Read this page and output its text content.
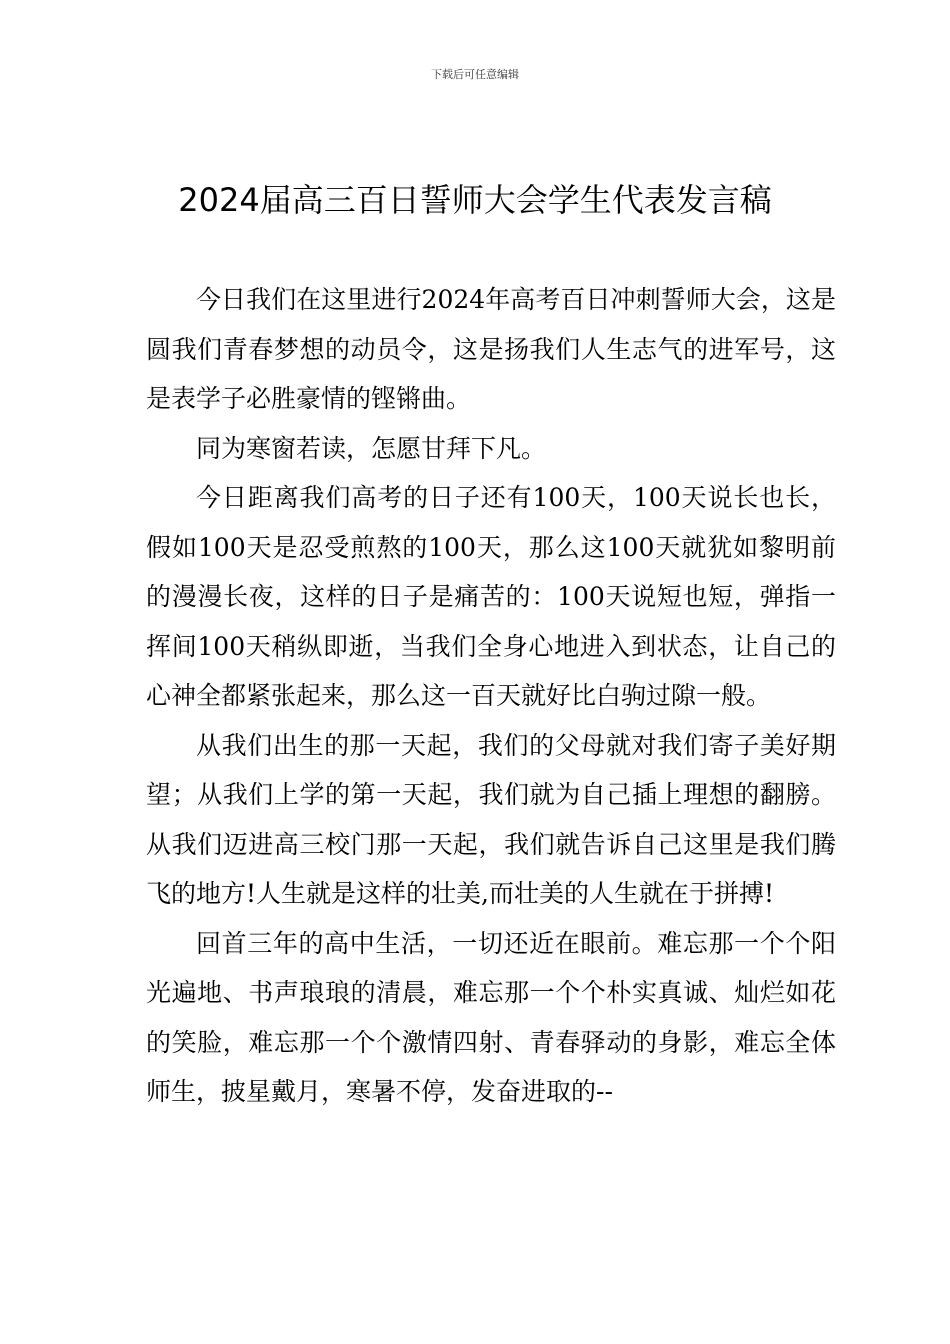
下载后可任意编辑
2024届高三百日誓师大会学生代表发言稿

今日我们在这里进行2024年高考百日冲刺誓师大会，这是圆我们青春梦想的动员令，这是扬我们人生志气的进军号，这是表学子必胜豪情的铿锵曲。

同为寒窗若读，怎愿甘拜下凡。

今日距离我们高考的日子还有100天，100天说长也长，假如100天是忍受煎熬的100天，那么这100天就犹如黎明前的漫漫长夜，这样的日子是痛苦的：100天说短也短，弹指一挥间100天稍纵即逝，当我们全身心地进入到状态，让自己的心神全都紧张起来，那么这一百天就好比白驹过隙一般。

从我们出生的那一天起，我们的父母就对我们寄子美好期望；从我们上学的第一天起，我们就为自己插上理想的翻膀。从我们迈进高三校门那一天起，我们就告诉自己这里是我们腾飞的地方!人生就是这样的壮美,而壮美的人生就在于拼搏!

回首三年的高中生活，一切还近在眼前。难忘那一个个阳光遍地、书声琅琅的清晨，难忘那一个个朴实真诚、灿烂如花的笑脸，难忘那一个个激情四射、青春驿动的身影，难忘全体师生，披星戴月，寒暑不停，发奋进取的--
